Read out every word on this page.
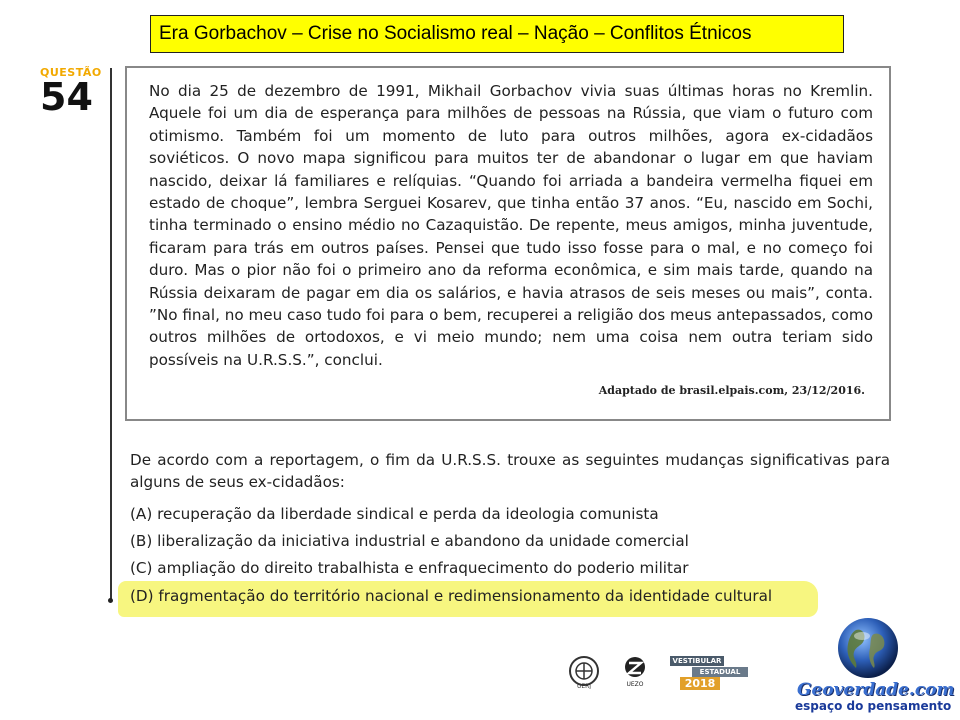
Era Gorbachov – Crise no Socialismo real – Nação – Conflitos Étnicos
QUESTÃO
54	No dia 25 de dezembro de 1991, Mikhail Gorbachov vivia suas últimas horas no Kremlin. Aquele foi um dia de esperança para milhões de pessoas na Rússia, que viam o futuro com otimismo. Também foi um momento de luto para outros milhões, agora ex-cidadãos soviéticos. O novo mapa significou para muitos ter de abandonar o lugar em que haviam nascido, deixar lá familiares e relíquias. “Quando foi arriada a bandeira vermelha fiquei em estado de choque”, lembra Serguei Kosarev, que tinha então 37 anos. “Eu, nascido em Sochi, tinha terminado o ensino médio no Cazaquistão. De repente, meus amigos, minha juventude, ficaram para trás em outros países. Pensei que tudo isso fosse para o mal, e no começo foi duro. Mas o pior não foi o primeiro ano da reforma econômica, e sim mais tarde, quando na Rússia deixaram de pagar em dia os salários, e havia atrasos de seis meses ou mais”, conta. ”No final, no meu caso tudo foi para o bem, recuperei a religião dos meus antepassados, como outros milhões de ortodoxos, e vi meio mundo; nem uma coisa nem outra teriam sido possíveis na U.R.S.S.”, conclui.
Adaptado de brasil.elpais.com, 23/12/2016.
De acordo com a reportagem, o fim da U.R.S.S. trouxe as seguintes mudanças significativas para alguns de seus ex-cidadãos:
(A) recuperação da liberdade sindical e perda da ideologia comunista
(B) liberalização da iniciativa industrial e abandono da unidade comercial
(C) ampliação do direito trabalhista e enfraquecimento do poderio militar
(D) fragmentação do território nacional e redimensionamento da identidade cultural
UERJ	UEZO
VESTIBULAR
ESTADUAL
2018	Geoverdade.com
espaço do pensamento
